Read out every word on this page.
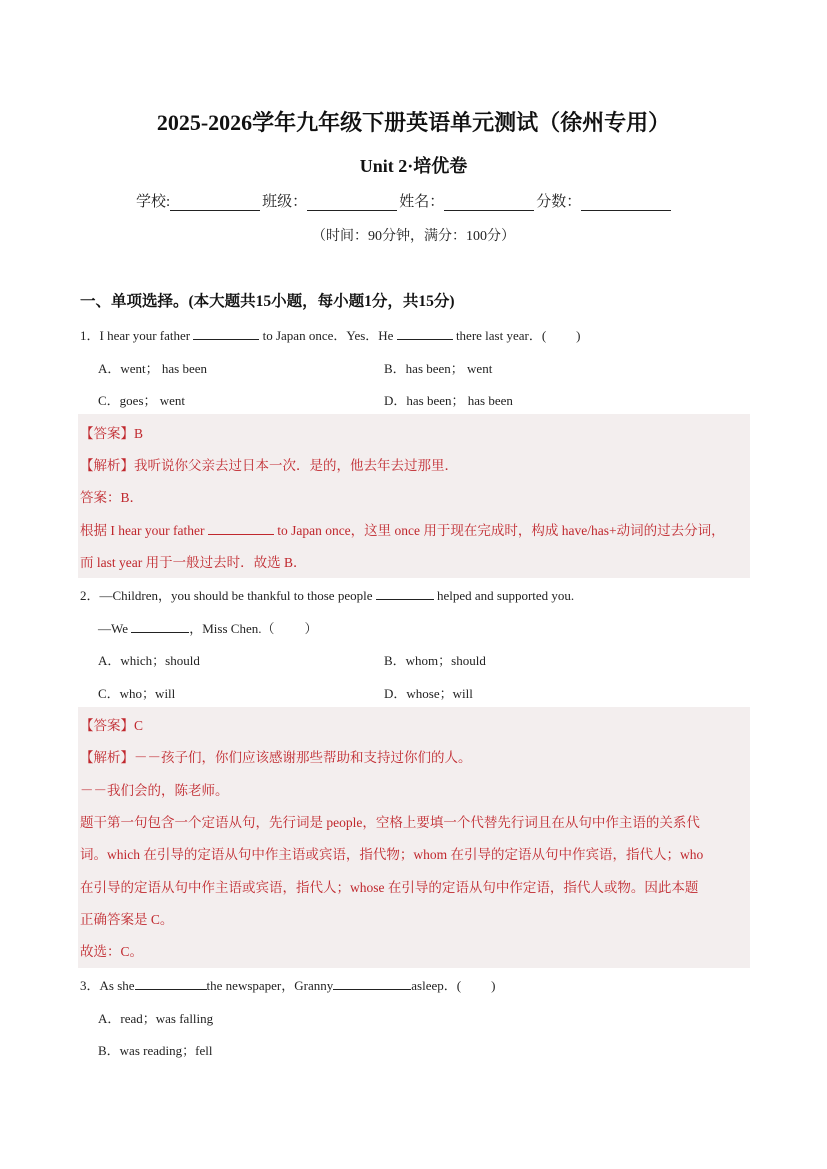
2025-2026学年九年级下册英语单元测试（徐州专用）
Unit 2·培优卷
学校:	班级：	姓名：	分数：
（时间：90分钟，满分：100分）
一、单项选择。(本大题共15小题，每小题1分，共15分)
1．I hear your father	to Japan once．Yes．He	there last year．( )
A．went； has been	B．has been； went
C．goes； went	D．has been； has been
【答案】B
【解析】我听说你父亲去过日本一次．是的，他去年去过那里．
答案：B．
根据 I hear your father	to Japan once，这里 once 用于现在完成时，构成 have/has+动词的过去分词，
而 last year 用于一般过去时．故选 B．
2．—Children，you should be thankful to those people	helped and supported you.
—We	，Miss Chen.（ ）
A．which；should	B．whom；should
C．who；will	D．whose；will
【答案】C
【解析】－－孩子们，你们应该感谢那些帮助和支持过你们的人。
－－我们会的，陈老师。
题干第一句包含一个定语从句，先行词是 people，空格上要填一个代替先行词且在从句中作主语的关系代
词。which 在引导的定语从句中作主语或宾语，指代物；whom 在引导的定语从句中作宾语，指代人；who
在引导的定语从句中作主语或宾语，指代人；whose 在引导的定语从句中作定语，指代人或物。因此本题
正确答案是 C。
故选：C。
3．As she	the newspaper，Granny	asleep．( )
A．read；was falling
B．was reading；fell
